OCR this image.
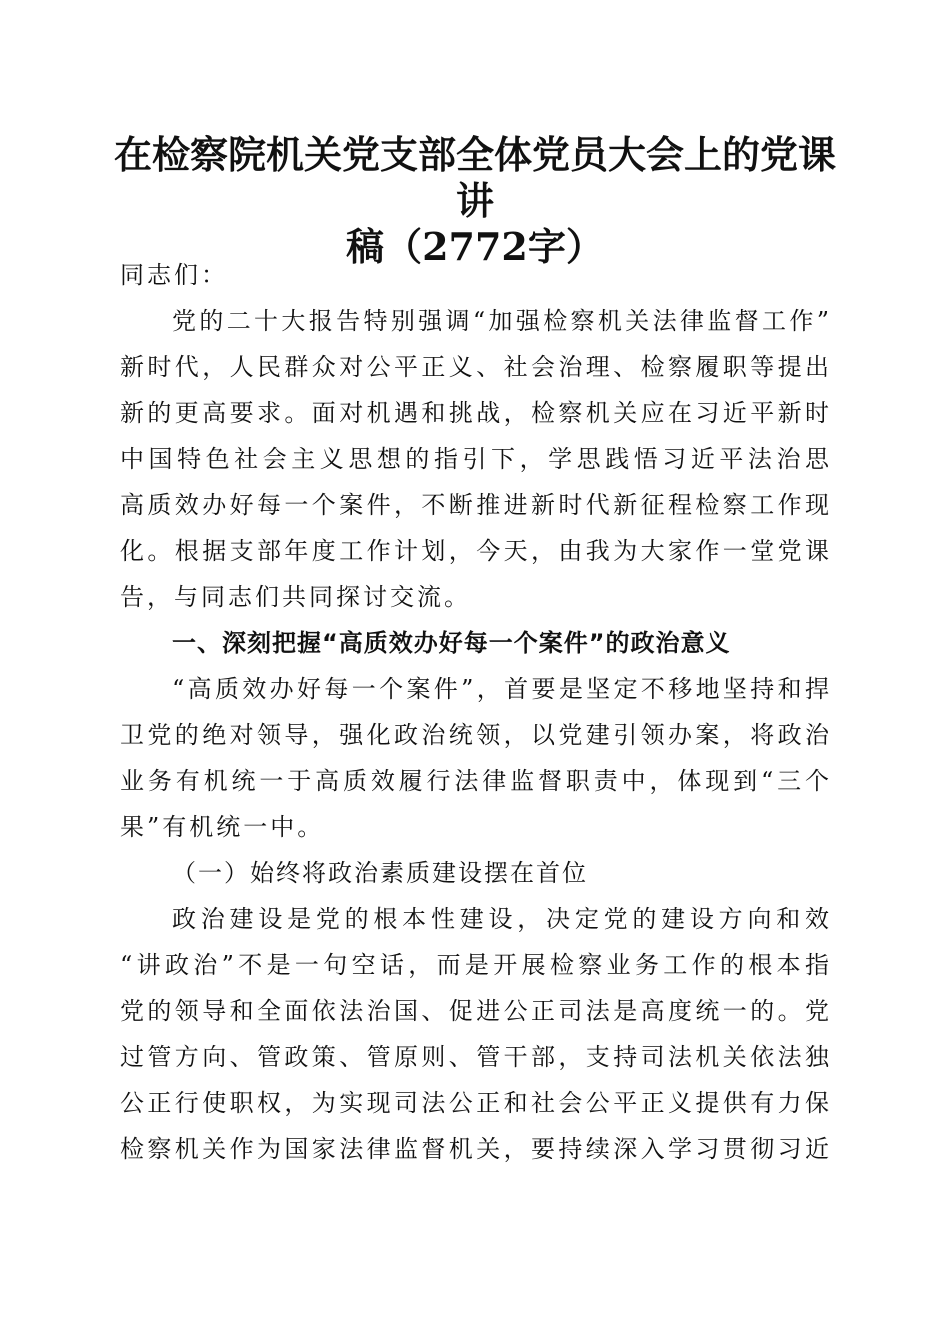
在检察院机关党支部全体党员大会上的党课讲
稿（2772字）
同志们：
党的二十大报告特别强调“加强检察机关法律监督工作”
新时代，人民群众对公平正义、社会治理、检察履职等提出
新的更高要求。面对机遇和挑战，检察机关应在习近平新时
中国特色社会主义思想的指引下，学思践悟习近平法治思
高质效办好每一个案件，不断推进新时代新征程检察工作现
化。根据支部年度工作计划，今天，由我为大家作一堂党课
告，与同志们共同探讨交流。
一、深刻把握“高质效办好每一个案件”的政治意义
“高质效办好每一个案件”，首要是坚定不移地坚持和捍
卫党的绝对领导，强化政治统领，以党建引领办案，将政治
业务有机统一于高质效履行法律监督职责中，体现到“三个
果”有机统一中。
（一）始终将政治素质建设摆在首位
政治建设是党的根本性建设，决定党的建设方向和效
“讲政治”不是一句空话，而是开展检察业务工作的根本指
党的领导和全面依法治国、促进公正司法是高度统一的。党
过管方向、管政策、管原则、管干部，支持司法机关依法独
公正行使职权，为实现司法公正和社会公平正义提供有力保
检察机关作为国家法律监督机关，要持续深入学习贯彻习近
